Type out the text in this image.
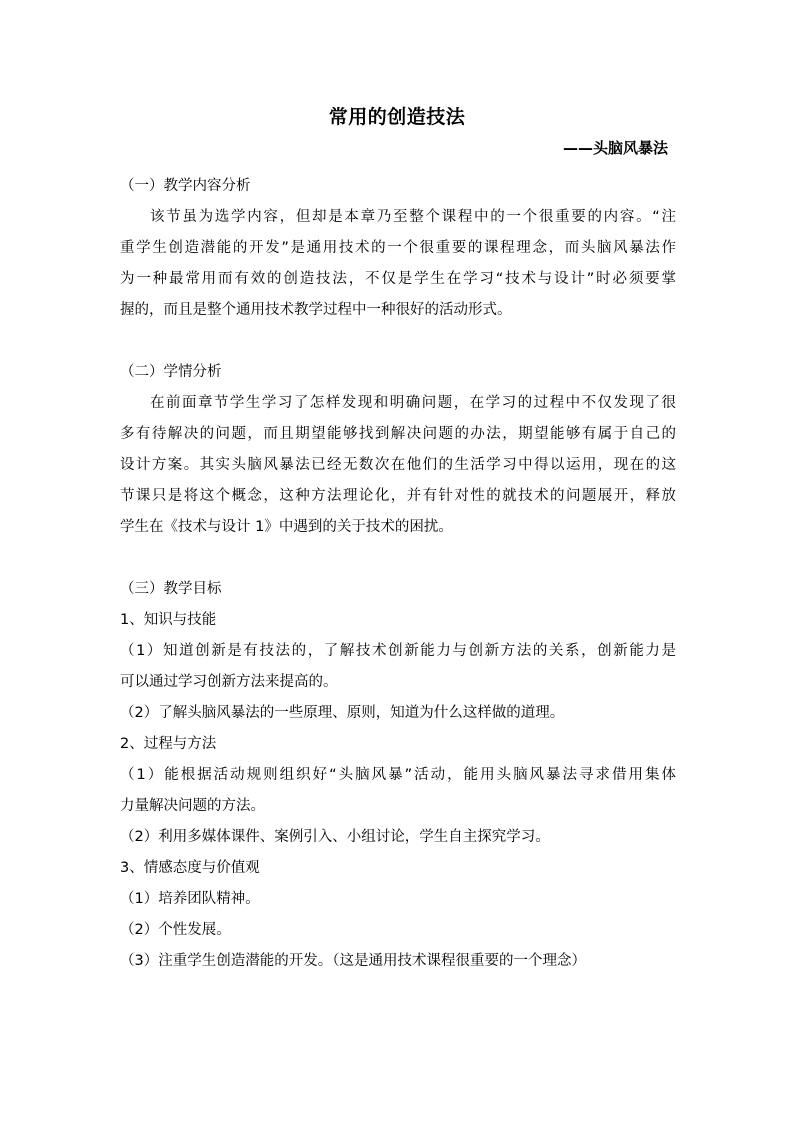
常用的创造技法
——头脑风暴法
（一）教学内容分析
该节虽为选学内容，但却是本章乃至整个课程中的一个很重要的内容。“注
重学生创造潜能的开发”是通用技术的一个很重要的课程理念，而头脑风暴法作
为一种最常用而有效的创造技法，不仅是学生在学习“技术与设计”时必须要掌
握的，而且是整个通用技术教学过程中一种很好的活动形式。
（二）学情分析
在前面章节学生学习了怎样发现和明确问题，在学习的过程中不仅发现了很
多有待解决的问题，而且期望能够找到解决问题的办法，期望能够有属于自己的
设计方案。其实头脑风暴法已经无数次在他们的生活学习中得以运用，现在的这
节课只是将这个概念，这种方法理论化，并有针对性的就技术的问题展开，释放
学生在《技术与设计 1》中遇到的关于技术的困扰。
（三）教学目标
1、知识与技能
（1）知道创新是有技法的，了解技术创新能力与创新方法的关系，创新能力是
可以通过学习创新方法来提高的。
（2）了解头脑风暴法的一些原理、原则，知道为什么这样做的道理。
2、过程与方法
（1）能根据活动规则组织好“头脑风暴”活动，能用头脑风暴法寻求借用集体
力量解决问题的方法。
（2）利用多媒体课件、案例引入、小组讨论，学生自主探究学习。
3、情感态度与价值观
（1）培养团队精神。
（2）个性发展。
（3）注重学生创造潜能的开发。（这是通用技术课程很重要的一个理念）
